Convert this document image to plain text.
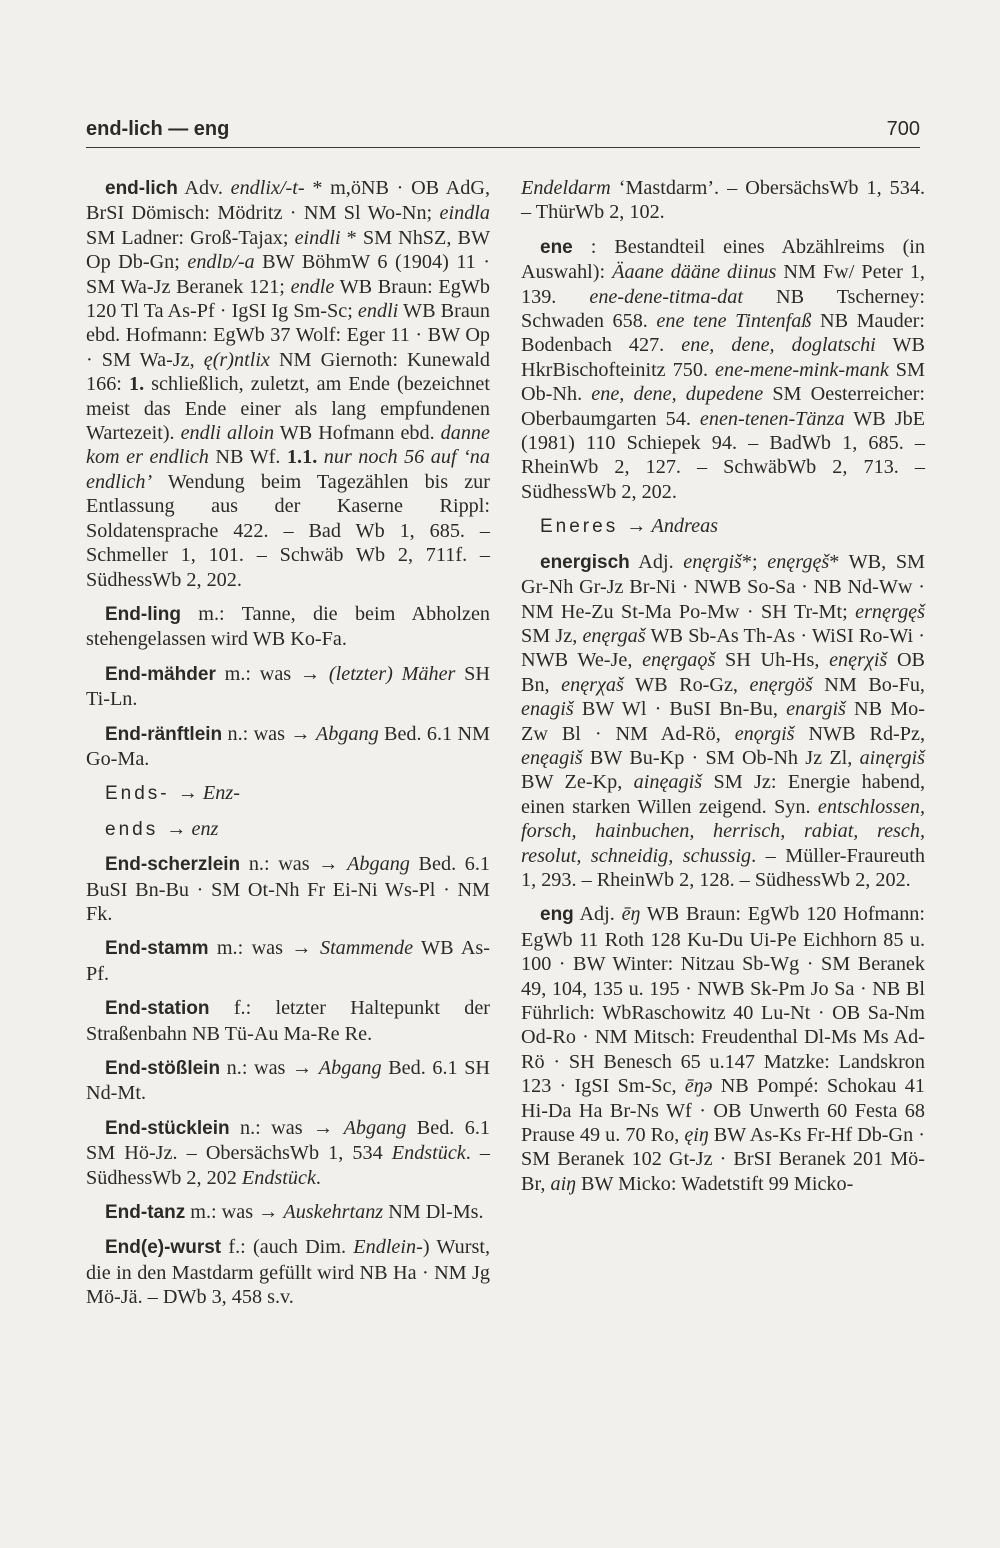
end-lich — eng	700

end-lich Adv. endlix/-t- * m,öNB · OB AdG, BrSI Dömisch: Mödritz · NM Sl Wo-Nn; eindla SM Ladner: Groß-Tajax; eindli * SM NhSZ, BW Op Db-Gn; endlɒ/-a BW BöhmW 6 (1904) 11 · SM Wa-Jz Beranek 121; endle WB Braun: EgWb 120 Tl Ta As-Pf · IgSI Ig Sm-Sc; endli WB Braun ebd. Hofmann: EgWb 37 Wolf: Eger 11 · BW Op · SM Wa-Jz, ę(r)ntlix NM Giernoth: Kunewald 166: 1. schließlich, zuletzt, am Ende (bezeichnet meist das Ende einer als lang empfundenen Wartezeit). endli alloin WB Hofmann ebd. danne kom er endlich NB Wf. 1.1. nur noch 56 auf ‘na endlich’ Wendung beim Tagezählen bis zur Entlassung aus der Kaserne Rippl: Soldatensprache 422. – Bad Wb 1, 685. – Schmeller 1, 101. – Schwäb Wb 2, 711f. – SüdhessWb 2, 202.

End-ling m.: Tanne, die beim Abholzen stehengelassen wird WB Ko-Fa.

End-mähder m.: was → (letzter) Mäher SH Ti-Ln.

End-ränftlein n.: was → Abgang Bed. 6.1 NM Go-Ma.

Ends- → Enz-

ends → enz

End-scherzlein n.: was → Abgang Bed. 6.1 BuSI Bn-Bu · SM Ot-Nh Fr Ei-Ni Ws-Pl · NM Fk.

End-stamm m.: was → Stammende WB As-Pf.

End-station f.: letzter Haltepunkt der Straßenbahn NB Tü-Au Ma-Re Re.

End-stößlein n.: was → Abgang Bed. 6.1 SH Nd-Mt.

End-stücklein n.: was → Abgang Bed. 6.1 SM Hö-Jz. – ObersächsWb 1, 534 Endstück. – SüdhessWb 2, 202 Endstück.

End-tanz m.: was → Auskehrtanz NM Dl-Ms.

End(e)-wurst f.: (auch Dim. Endlein-) Wurst, die in den Mastdarm gefüllt wird NB Ha · NM Jg Mö-Jä. – DWb 3, 458 s.v.

Endeldarm ‘Mastdarm’. – ObersächsWb 1, 534. – ThürWb 2, 102.

ene : Bestandteil eines Abzählreims (in Auswahl): Äaane dääne diinus NM Fw/ Peter 1, 139. ene-dene-titma-dat NB Tscherney: Schwaden 658. ene tene Tintenfaß NB Mauder: Bodenbach 427. ene, dene, doglatschi WB HkrBischofteinitz 750. ene-mene-mink-mank SM Ob-Nh. ene, dene, dupedene SM Oesterreicher: Oberbaumgarten 54. enen-tenen-Tänza WB JbE (1981) 110 Schiepek 94. – BadWb 1, 685. – RheinWb 2, 127. – SchwäbWb 2, 713. – SüdhessWb 2, 202.

Eneres → Andreas

energisch Adj. enęrgiš*; enęrgęš* WB, SM Gr-Nh Gr-Jz Br-Ni · NWB So-Sa · NB Nd-Ww · NM He-Zu St-Ma Po-Mw · SH Tr-Mt; ernęrgęš SM Jz, enęrgaš WB Sb-As Th-As · WiSI Ro-Wi · NWB We-Je, enęrgaǫš SH Uh-Hs, enęrχiš OB Bn, enęrχaš WB Ro-Gz, enęrgöš NM Bo-Fu, enagiš BW Wl · BuSI Bn-Bu, enargiš NB Mo-Zw Bl · NM Ad-Rö, enǫrgiš NWB Rd-Pz, enęagiš BW Bu-Kp · SM Ob-Nh Jz Zl, ainęrgiš BW Ze-Kp, ainęagiš SM Jz: Energie habend, einen starken Willen zeigend. Syn. entschlossen, forsch, hainbuchen, herrisch, rabiat, resch, resolut, schneidig, schussig. – Müller-Fraureuth 1, 293. – RheinWb 2, 128. – SüdhessWb 2, 202.

eng Adj. ēŋ WB Braun: EgWb 120 Hofmann: EgWb 11 Roth 128 Ku-Du Ui-Pe Eichhorn 85 u. 100 · BW Winter: Nitzau Sb-Wg · SM Beranek 49, 104, 135 u. 195 · NWB Sk-Pm Jo Sa · NB Bl Führlich: WbRaschowitz 40 Lu-Nt · OB Sa-Nm Od-Ro · NM Mitsch: Freudenthal Dl-Ms Ms Ad-Rö · SH Benesch 65 u.147 Matzke: Landskron 123 · IgSI Sm-Sc, ēŋə NB Pompé: Schokau 41 Hi-Da Ha Br-Ns Wf · OB Unwerth 60 Festa 68 Prause 49 u. 70 Ro, ęiŋ BW As-Ks Fr-Hf Db-Gn · SM Beranek 102 Gt-Jz · BrSI Beranek 201 Mö-Br, aiŋ BW Micko: Wadetstift 99 Micko-
